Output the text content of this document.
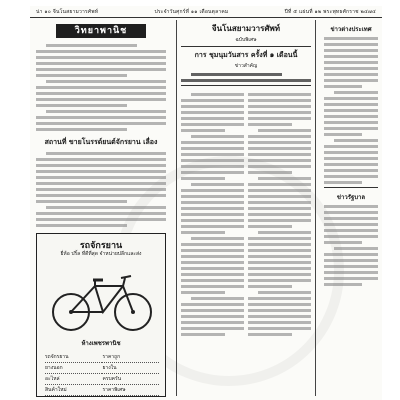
น่า ๑๐ จีนโนสยามวารศัพท์	ประจำวันศุกร์ที่ ๑๑ เดือนตุลาคม	ปีที่ ๕ แผ่นที่ ๑๒ พระพุทธศักราช ๒๔๗๔
วิทยาพานิช
สถานที่ ขายโนรรด์ยนต์จักรยาน เลื่อง
รถจักรยาน
ยี่ห้อ ปริ้ล ที่ดีที่สุด จำหน่ายปลีกและส่ง
ห้างเพชรพานิช
รถจักรยาน	ราคาถูก
ยางนอก	ยางใน
อะไหล่	ครบครัน
สินค้าใหม่	ราคาพิเศษ
จีนโนสยามวารศัพท์
ฉบับพิเศษ
การ ชุมนุมวันสาร ครั้งที่ ๑ เดือนนี้
ข่าวสำคัญ
ข่าวต่างประเทศ
ข่าวรัฐบาล
